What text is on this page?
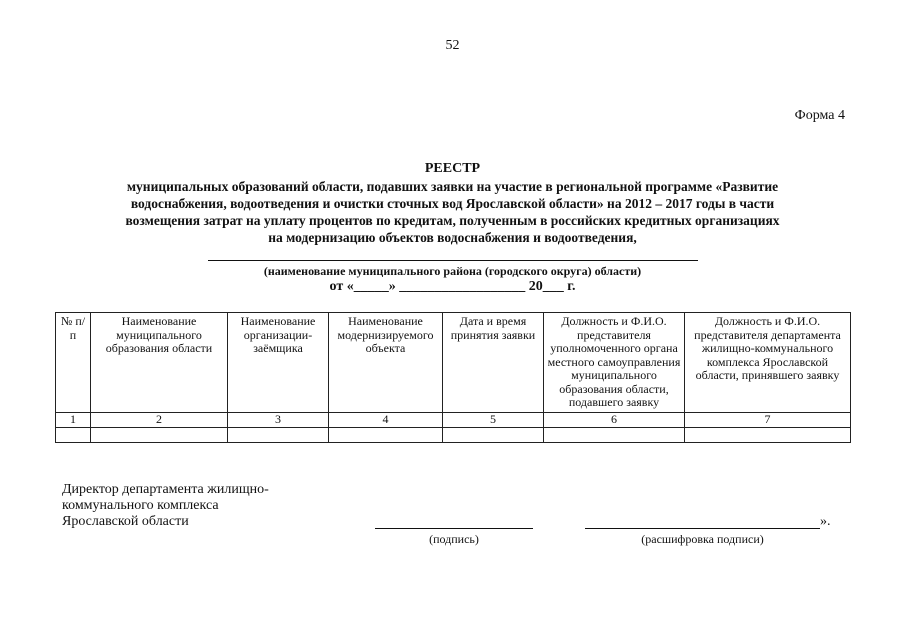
52
Форма 4
РЕЕСТР
муниципальных образований области, подавших заявки на участие в региональной программе «Развитие
водоснабжения, водоотведения и очистки сточных вод Ярославской области» на 2012 – 2017 годы в части
возмещения затрат на уплату процентов по кредитам, полученным в российских кредитных организациях
на модернизацию объектов водоснабжения и водоотведения,
(наименование муниципального района (городского округа) области)
от «_____» __________________ 20___ г.
№ п/п	Наименование муниципального образования области	Наименование организации-заёмщика	Наименование модернизируемого объекта	Дата и время принятия заявки	Должность и Ф.И.О. представителя уполномоченного органа местного самоуправления муниципального образования области, подавшего заявку	Должность и Ф.И.О. представителя департамента жилищно-коммунального комплекса Ярославской области, принявшего заявку
1	2	3	4	5	6	7

Директор департамента жилищно-
коммунального комплекса
Ярославской области
(подпись)	(расшифровка подписи)
».
